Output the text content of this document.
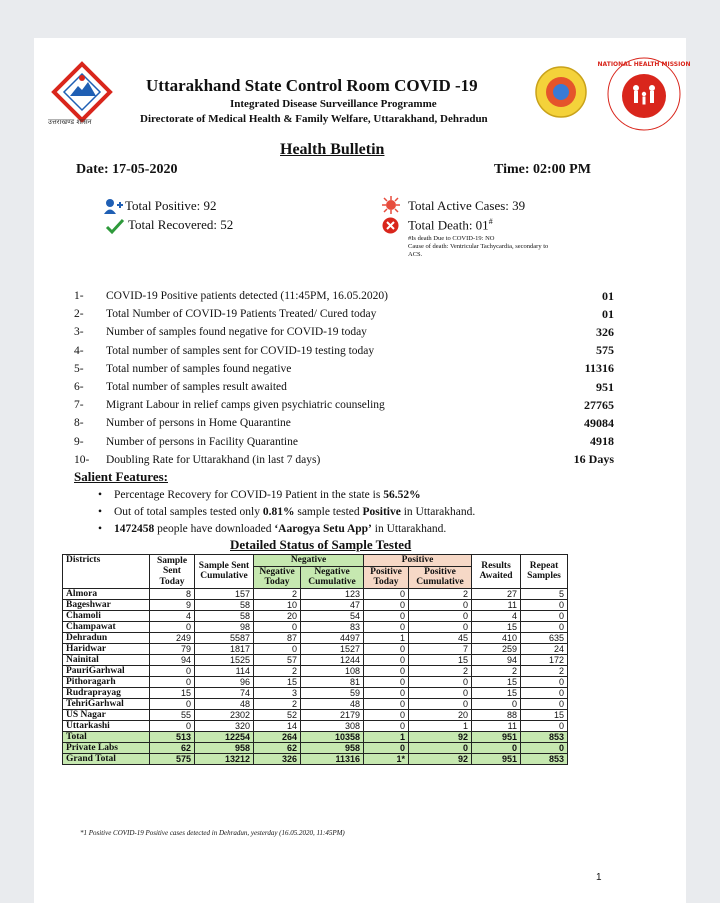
उत्तराखण्ड शासन
Uttarakhand State Control Room COVID -19
Integrated Disease Surveillance Programme
Directorate of Medical Health & Family Welfare, Uttarakhand, Dehradun
NATIONAL HEALTH MISSION
Health Bulletin
Date: 17-05-2020	Time: 02:00 PM
Total Positive: 92
Total Recovered: 52
Total Active Cases: 39
Total Death: 01#
#Is death Due to COVID-19: NO
Cause of death: Ventricular Tachycardia, secondary to
ACS.
1-	COVID-19 Positive patients detected (11:45PM, 16.05.2020)	01
2-	Total Number of COVID-19 Patients Treated/ Cured today	01
3-	Number of samples found negative for COVID-19 today	326
4-	Total number of samples sent for COVID-19 testing today	575
5-	Total number of samples found negative	11316
6-	Total number of samples result awaited	951
7-	Migrant Labour in relief camps given psychiatric counseling	27765
8-	Number of persons in Home Quarantine	49084
9-	Number of persons in Facility Quarantine	4918
10-	Doubling Rate for Uttarakhand (in last 7 days)	16 Days
Salient Features:
• Percentage Recovery for COVID-19 Patient in the state is 56.52%
• Out of total samples tested only 0.81% sample tested Positive in Uttarakhand.
• 1472458 people have downloaded ‘Aarogya Setu App’ in Uttarakhand.
Detailed Status of Sample Tested
Districts	Sample Sent Today	Sample Sent Cumulative	Negative		Positive		Results Awaited	Repeat Samples
			Negative Today	Negative Cumulative	Positive Today	Positive Cumulative		
Almora	8	157	2	123	0	2	27	5
Bageshwar	9	58	10	47	0	0	11	0
Chamoli	4	58	20	54	0	0	4	0
Champawat	0	98	0	83	0	0	15	0
Dehradun	249	5587	87	4497	1	45	410	635
Haridwar	79	1817	0	1527	0	7	259	24
Nainital	94	1525	57	1244	0	15	94	172
PauriGarhwal	0	114	2	108	0	2	2	2
Pithoragarh	0	96	15	81	0	0	15	0
Rudraprayag	15	74	3	59	0	0	15	0
TehriGarhwal	0	48	2	48	0	0	0	0
US Nagar	55	2302	52	2179	0	20	88	15
Uttarkashi	0	320	14	308	0	1	11	0
Total	513	12254	264	10358	1	92	951	853
Private Labs	62	958	62	958	0	0	0	0
Grand Total	575	13212	326	11316	1*	92	951	853
*1 Positive COVID-19 Positive cases detected in Dehradun, yesterday (16.05.2020, 11:45PM)
1
